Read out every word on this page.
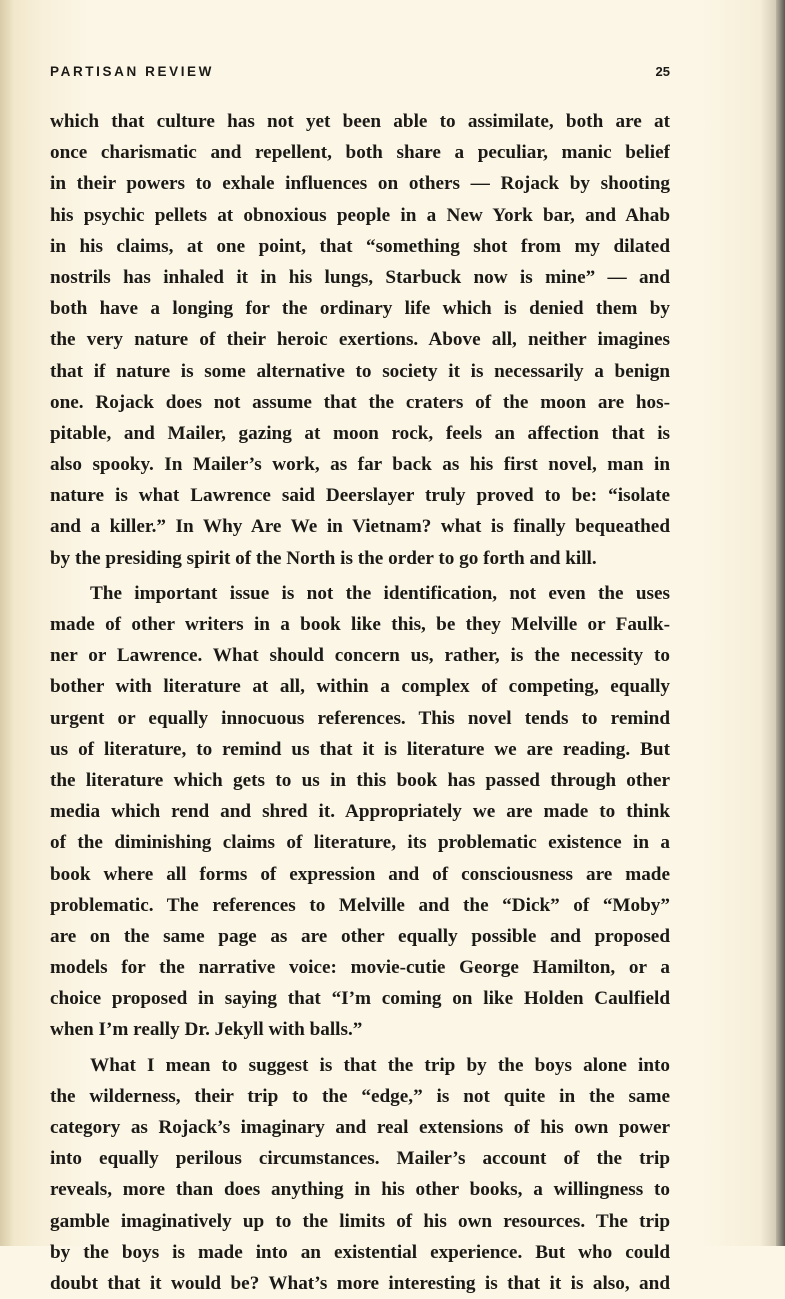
PARTISAN REVIEW	25
which that culture has not yet been able to assimilate, both are at
once charismatic and repellent, both share a peculiar, manic belief
in their powers to exhale influences on others — Rojack by shooting
his psychic pellets at obnoxious people in a New York bar, and Ahab
in his claims, at one point, that “something shot from my dilated
nostrils has inhaled it in his lungs, Starbuck now is mine” — and
both have a longing for the ordinary life which is denied them by
the very nature of their heroic exertions. Above all, neither imagines
that if nature is some alternative to society it is necessarily a benign
one. Rojack does not assume that the craters of the moon are hos-
pitable, and Mailer, gazing at moon rock, feels an affection that is
also spooky. In Mailer’s work, as far back as his first novel, man in
nature is what Lawrence said Deerslayer truly proved to be: “isolate
and a killer.” In Why Are We in Vietnam? what is finally bequeathed
by the presiding spirit of the North is the order to go forth and kill.
The important issue is not the identification, not even the uses
made of other writers in a book like this, be they Melville or Faulk-
ner or Lawrence. What should concern us, rather, is the necessity to
bother with literature at all, within a complex of competing, equally
urgent or equally innocuous references. This novel tends to remind
us of literature, to remind us that it is literature we are reading. But
the literature which gets to us in this book has passed through other
media which rend and shred it. Appropriately we are made to think
of the diminishing claims of literature, its problematic existence in a
book where all forms of expression and of consciousness are made
problematic. The references to Melville and the “Dick” of “Moby”
are on the same page as are other equally possible and proposed
models for the narrative voice: movie-cutie George Hamilton, or a
choice proposed in saying that “I’m coming on like Holden Caulfield
when I’m really Dr. Jekyll with balls.”
What I mean to suggest is that the trip by the boys alone into
the wilderness, their trip to the “edge,” is not quite in the same
category as Rojack’s imaginary and real extensions of his own power
into equally perilous circumstances. Mailer’s account of the trip
reveals, more than does anything in his other books, a willingness to
gamble imaginatively up to the limits of his own resources. The trip
by the boys is made into an existential experience. But who could
doubt that it would be? What’s more interesting is that it is also, and
